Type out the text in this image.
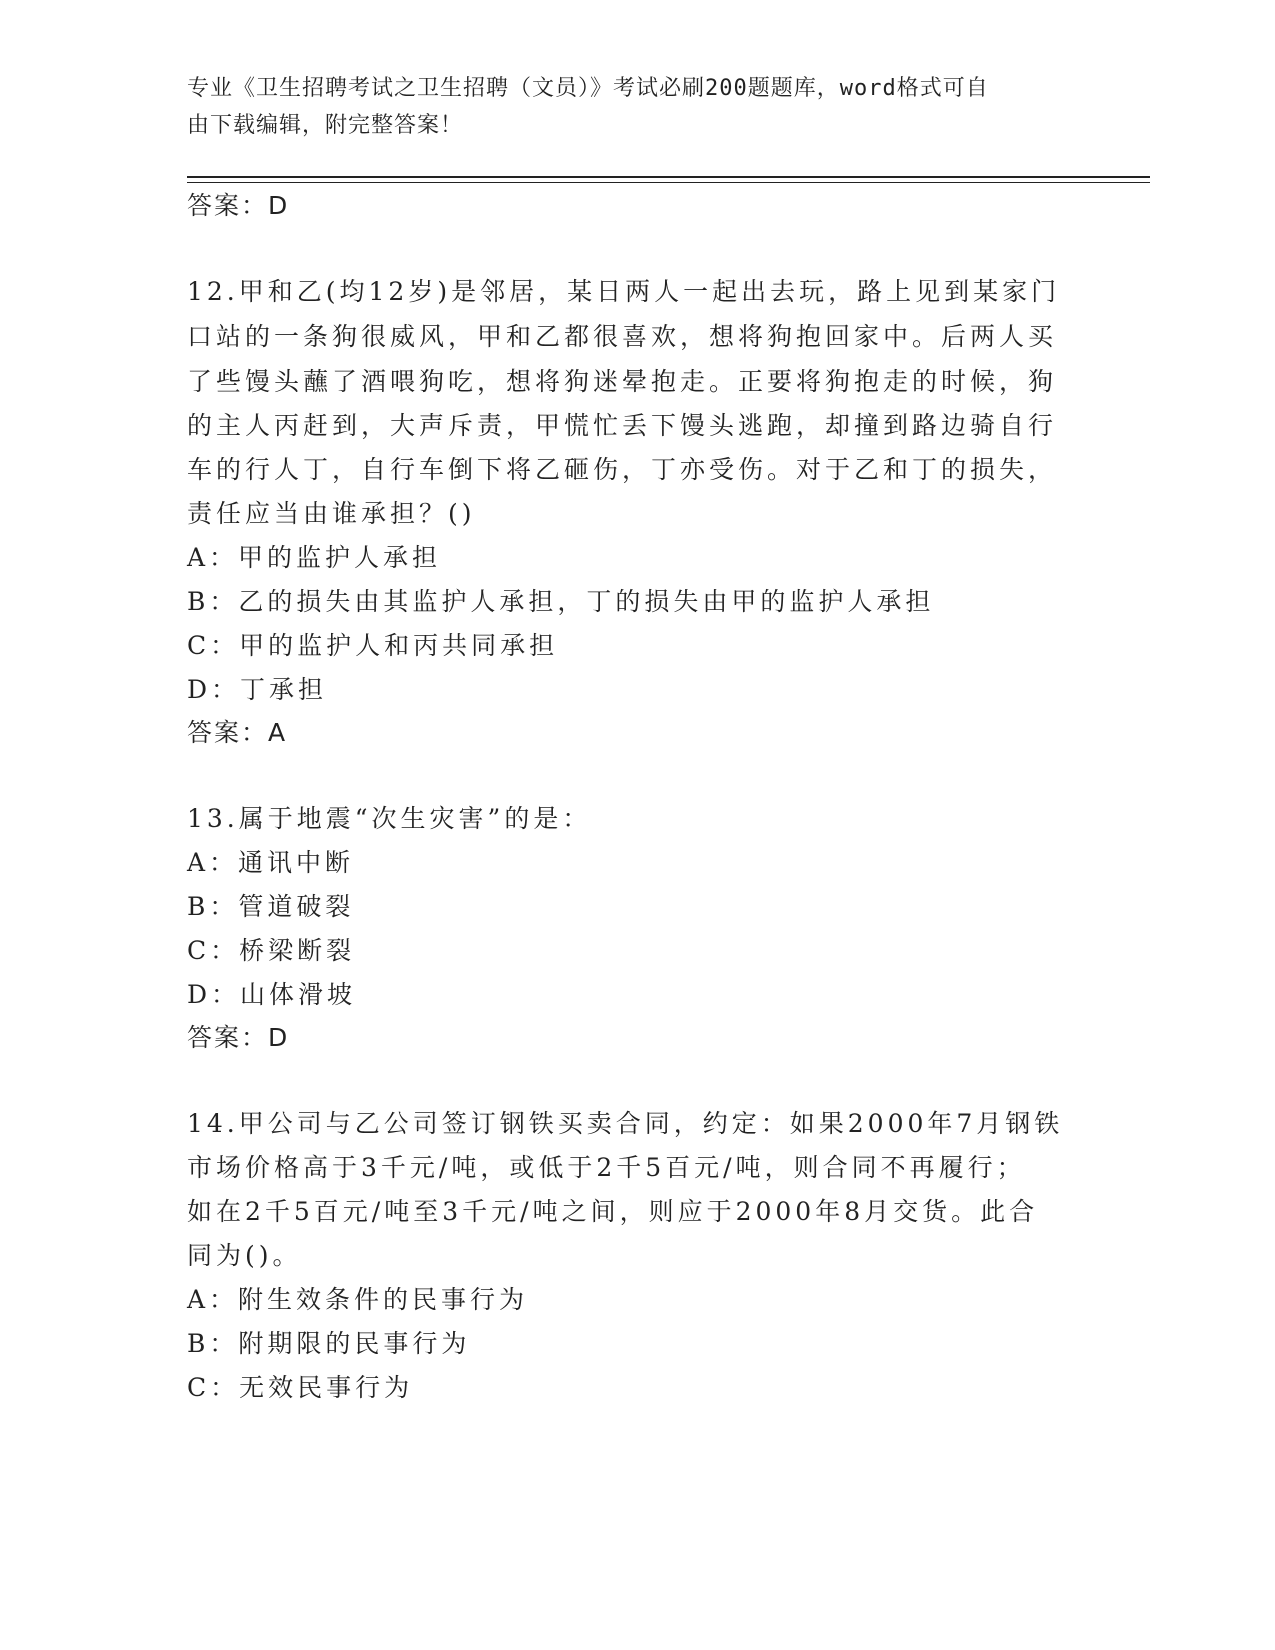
专业《卫生招聘考试之卫生招聘（文员）》考试必刷200题题库，word格式可自
由下载编辑，附完整答案！
答案：D
12.甲和乙(均12岁)是邻居，某日两人一起出去玩，路上见到某家门
口站的一条狗很威风，甲和乙都很喜欢，想将狗抱回家中。后两人买
了些馒头蘸了酒喂狗吃，想将狗迷晕抱走。正要将狗抱走的时候，狗
的主人丙赶到，大声斥责，甲慌忙丢下馒头逃跑，却撞到路边骑自行
车的行人丁，自行车倒下将乙砸伤，丁亦受伤。对于乙和丁的损失，
责任应当由谁承担？()
A：甲的监护人承担
B：乙的损失由其监护人承担，丁的损失由甲的监护人承担
C：甲的监护人和丙共同承担
D：丁承担
答案：A
13.属于地震“次生灾害”的是：
A：通讯中断
B：管道破裂
C：桥梁断裂
D：山体滑坡
答案：D
14.甲公司与乙公司签订钢铁买卖合同，约定：如果2000年7月钢铁
市场价格高于3千元/吨，或低于2千5百元/吨，则合同不再履行；
如在2千5百元/吨至3千元/吨之间，则应于2000年8月交货。此合
同为()。
A：附生效条件的民事行为
B：附期限的民事行为
C：无效民事行为
